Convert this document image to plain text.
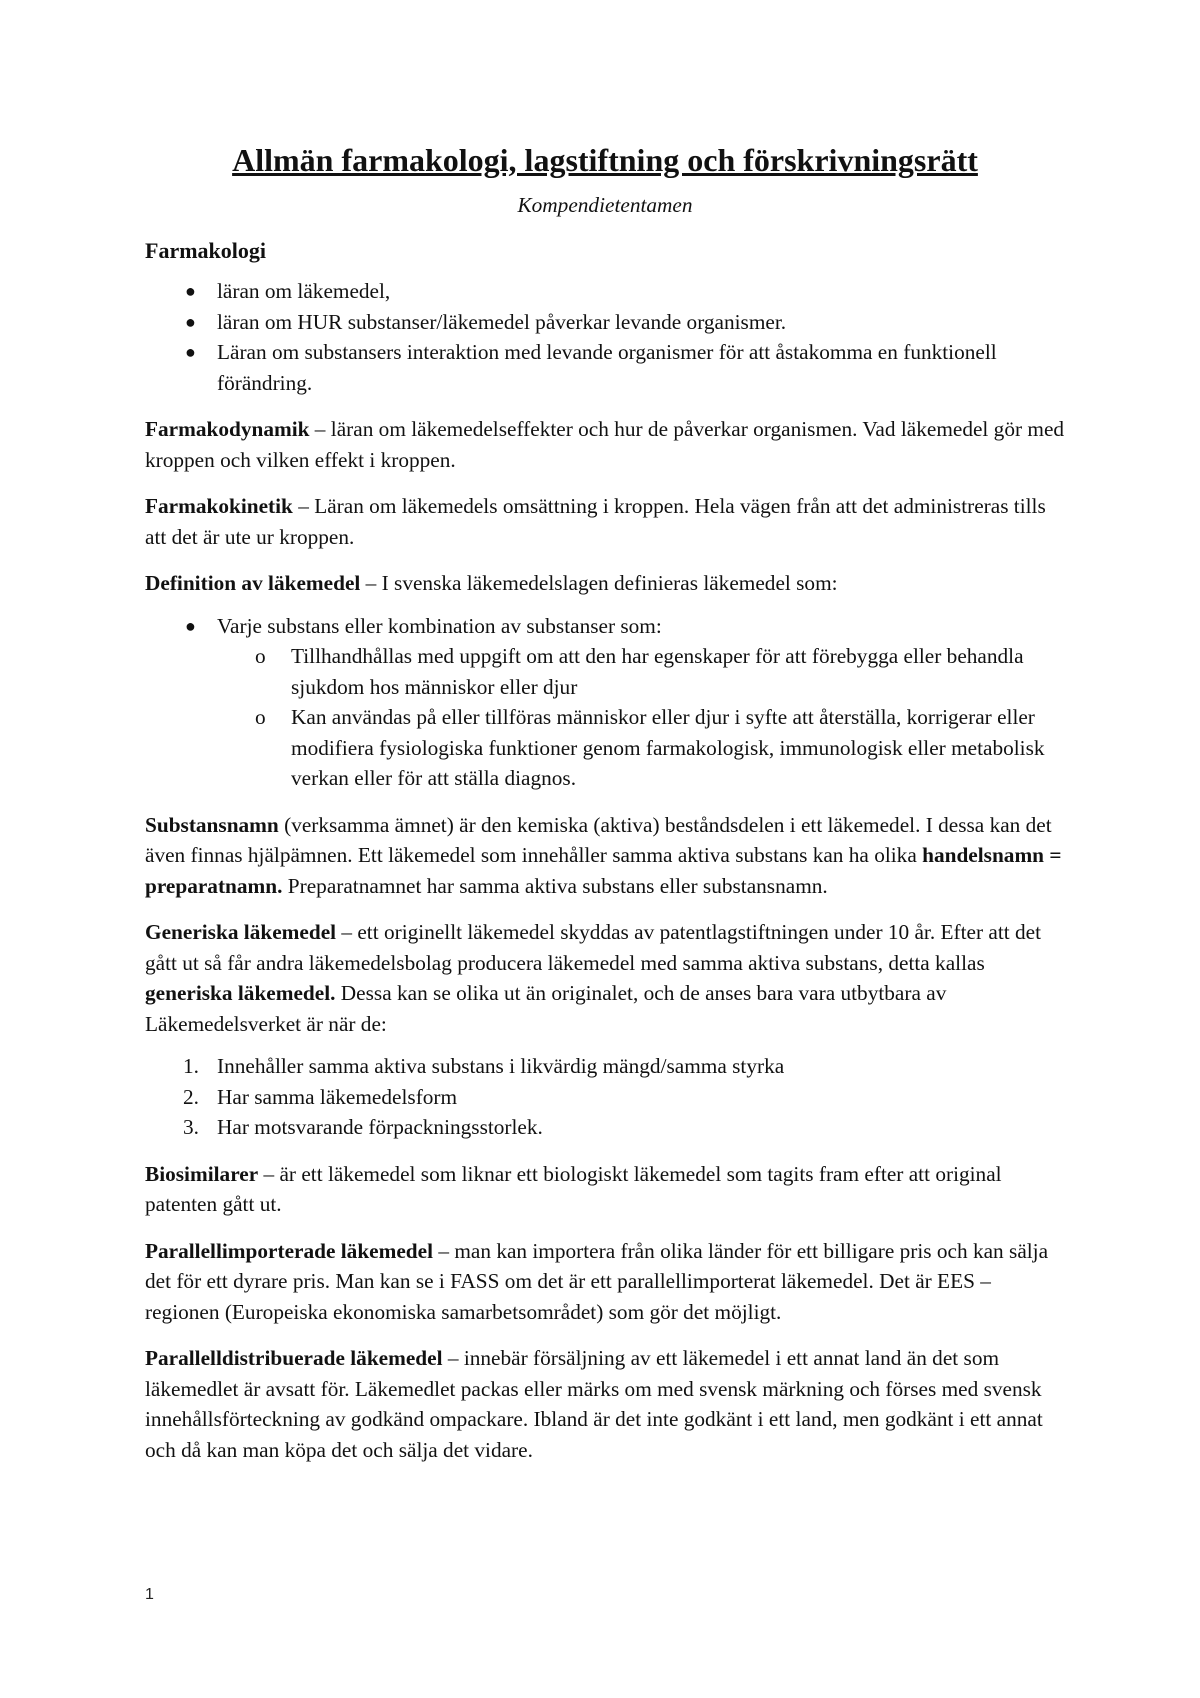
Allmän farmakologi, lagstiftning och förskrivningsrätt
Kompendietentamen
Farmakologi
● läran om läkemedel,
● läran om HUR substanser/läkemedel påverkar levande organismer.
● Läran om substansers interaktion med levande organismer för att åstakomma en funktionell förändring.

Farmakodynamik – läran om läkemedelseffekter och hur de påverkar organismen. Vad läkemedel gör med kroppen och vilken effekt i kroppen.

Farmakokinetik – Läran om läkemedels omsättning i kroppen. Hela vägen från att det administreras tills att det är ute ur kroppen.

Definition av läkemedel – I svenska läkemedelslagen definieras läkemedel som:

● Varje substans eller kombination av substanser som:
o Tillhandhållas med uppgift om att den har egenskaper för att förebygga eller behandla sjukdom hos människor eller djur
o Kan användas på eller tillföras människor eller djur i syfte att återställa, korrigerar eller modifiera fysiologiska funktioner genom farmakologisk, immunologisk eller metabolisk verkan eller för att ställa diagnos.

Substansnamn (verksamma ämnet) är den kemiska (aktiva) beståndsdelen i ett läkemedel. I dessa kan det även finnas hjälpämnen. Ett läkemedel som innehåller samma aktiva substans kan ha olika handelsnamn = preparatnamn. Preparatnamnet har samma aktiva substans eller substansnamn.

Generiska läkemedel – ett originellt läkemedel skyddas av patentlagstiftningen under 10 år. Efter att det gått ut så får andra läkemedelsbolag producera läkemedel med samma aktiva substans, detta kallas generiska läkemedel. Dessa kan se olika ut än originalet, och de anses bara vara utbytbara av Läkemedelsverket är när de:

1. Innehåller samma aktiva substans i likvärdig mängd/samma styrka
2. Har samma läkemedelsform
3. Har motsvarande förpackningsstorlek.

Biosimilarer – är ett läkemedel som liknar ett biologiskt läkemedel som tagits fram efter att original patenten gått ut.

Parallellimporterade läkemedel – man kan importera från olika länder för ett billigare pris och kan sälja det för ett dyrare pris. Man kan se i FASS om det är ett parallellimporterat läkemedel. Det är EES – regionen (Europeiska ekonomiska samarbetsområdet) som gör det möjligt.

Parallelldistribuerade läkemedel – innebär försäljning av ett läkemedel i ett annat land än det som läkemedlet är avsatt för. Läkemedlet packas eller märks om med svensk märkning och förses med svensk innehållsförteckning av godkänd ompackare. Ibland är det inte godkänt i ett land, men godkänt i ett annat och då kan man köpa det och sälja det vidare.

1
